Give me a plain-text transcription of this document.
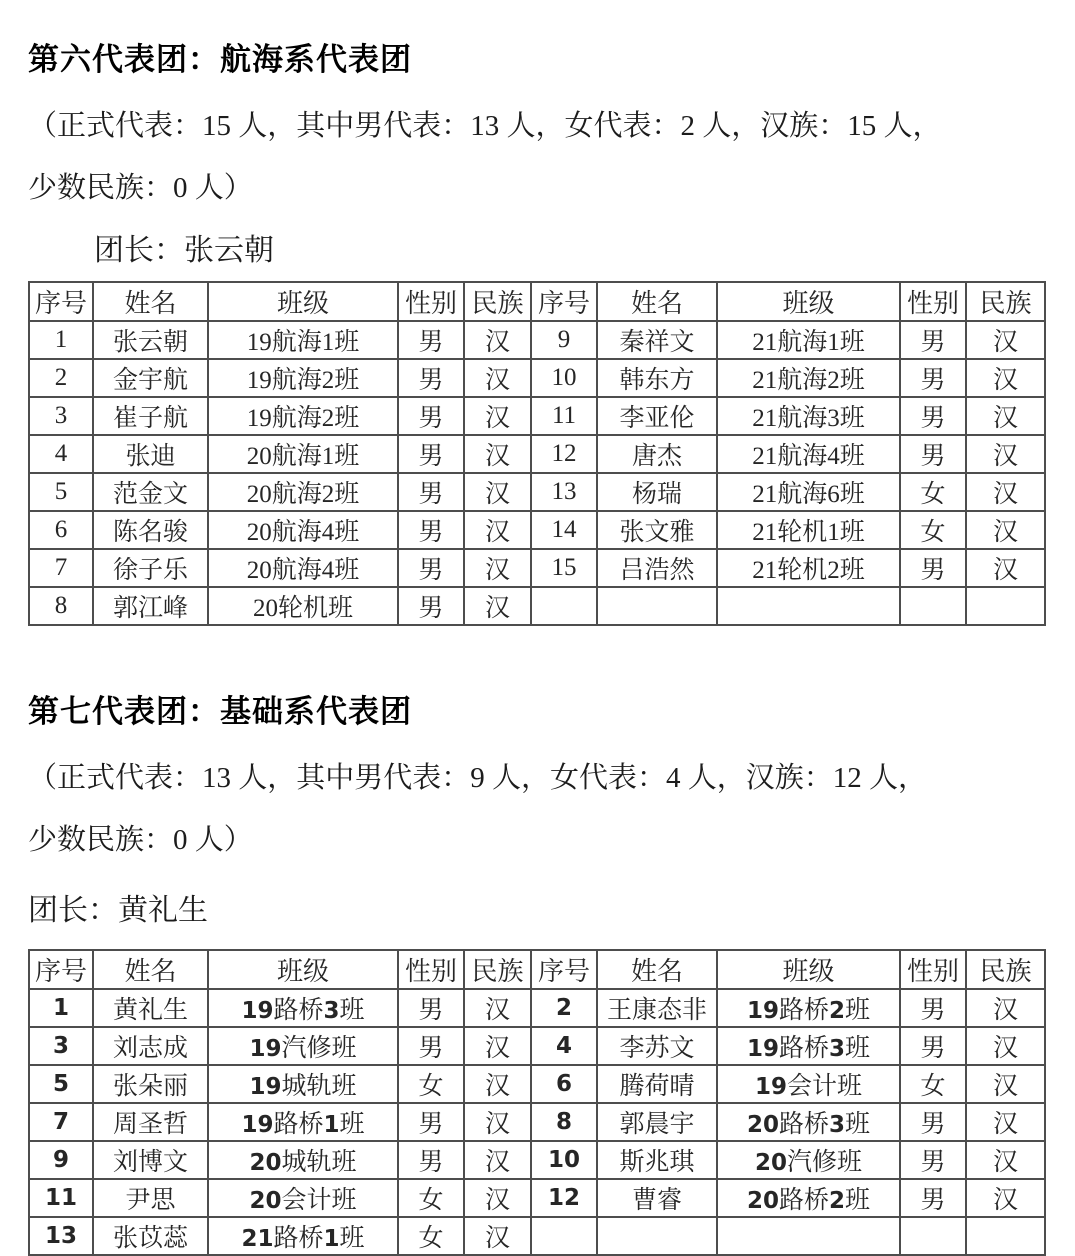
第六代表团：航海系代表团
（正式代表：15 人，其中男代表：13 人，女代表：2 人，汉族：15 人，
少数民族：0 人）
团长：张云朝
序号	姓名	班级	性别	民族	序号	姓名	班级	性别	民族
1	张云朝	19航海1班	男	汉	9	秦祥文	21航海1班	男	汉
2	金宇航	19航海2班	男	汉	10	韩东方	21航海2班	男	汉
3	崔子航	19航海2班	男	汉	11	李亚伦	21航海3班	男	汉
4	张迪	20航海1班	男	汉	12	唐杰	21航海4班	男	汉
5	范金文	20航海2班	男	汉	13	杨瑞	21航海6班	女	汉
6	陈名骏	20航海4班	男	汉	14	张文雅	21轮机1班	女	汉
7	徐子乐	20航海4班	男	汉	15	吕浩然	21轮机2班	男	汉
8	郭江峰	20轮机班	男	汉					
第七代表团：基础系代表团
（正式代表：13 人，其中男代表：9 人，女代表：4 人，汉族：12 人，
少数民族：0 人）
团长：黄礼生
序号	姓名	班级	性别	民族	序号	姓名	班级	性别	民族
1	黄礼生	19路桥3班	男	汉	2	王康态非	19路桥2班	男	汉
3	刘志成	19汽修班	男	汉	4	李苏文	19路桥3班	男	汉
5	张朵丽	19城轨班	女	汉	6	腾荷晴	19会计班	女	汉
7	周圣哲	19路桥1班	男	汉	8	郭晨宇	20路桥3班	男	汉
9	刘博文	20城轨班	男	汉	10	斯兆琪	20汽修班	男	汉
11	尹思	20会计班	女	汉	12	曹睿	20路桥2班	男	汉
13	张苡蕊	21路桥1班	女	汉					
